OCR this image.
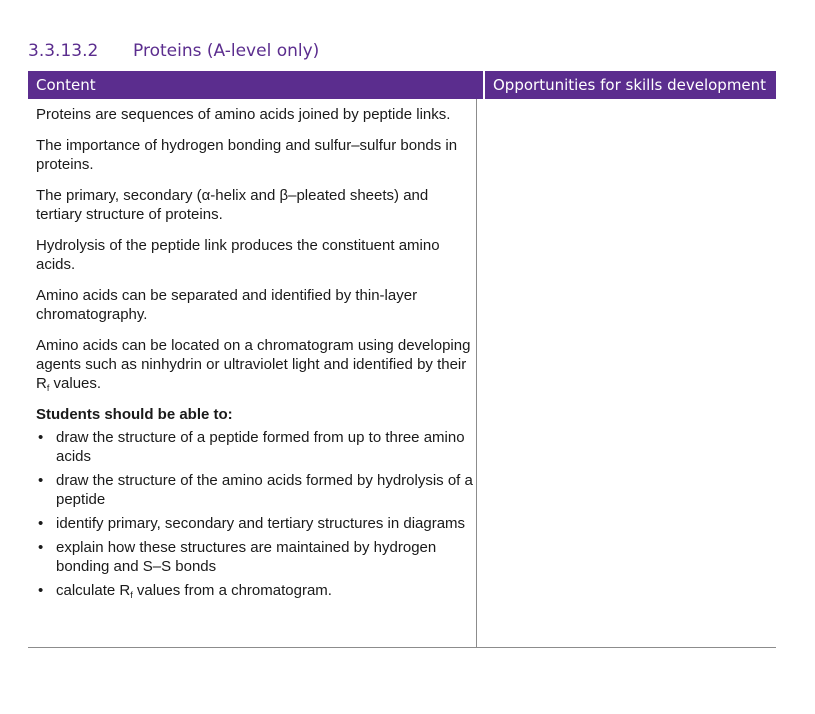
3.3.13.2 Proteins (A-level only)
Content	Opportunities for skills development

Proteins are sequences of amino acids joined by peptide links.

The importance of hydrogen bonding and sulfur–sulfur bonds in proteins.

The primary, secondary (α-helix and β–pleated sheets) and tertiary structure of proteins.

Hydrolysis of the peptide link produces the constituent amino acids.

Amino acids can be separated and identified by thin-layer chromatography.

Amino acids can be located on a chromatogram using developing agents such as ninhydrin or ultraviolet light and identified by their $R_f$ values.

Students should be able to:

• draw the structure of a peptide formed from up to three amino acids
• draw the structure of the amino acids formed by hydrolysis of a peptide
• identify primary, secondary and tertiary structures in diagrams
• explain how these structures are maintained by hydrogen bonding and S–S bonds
• calculate $R_f$ values from a chromatogram.
